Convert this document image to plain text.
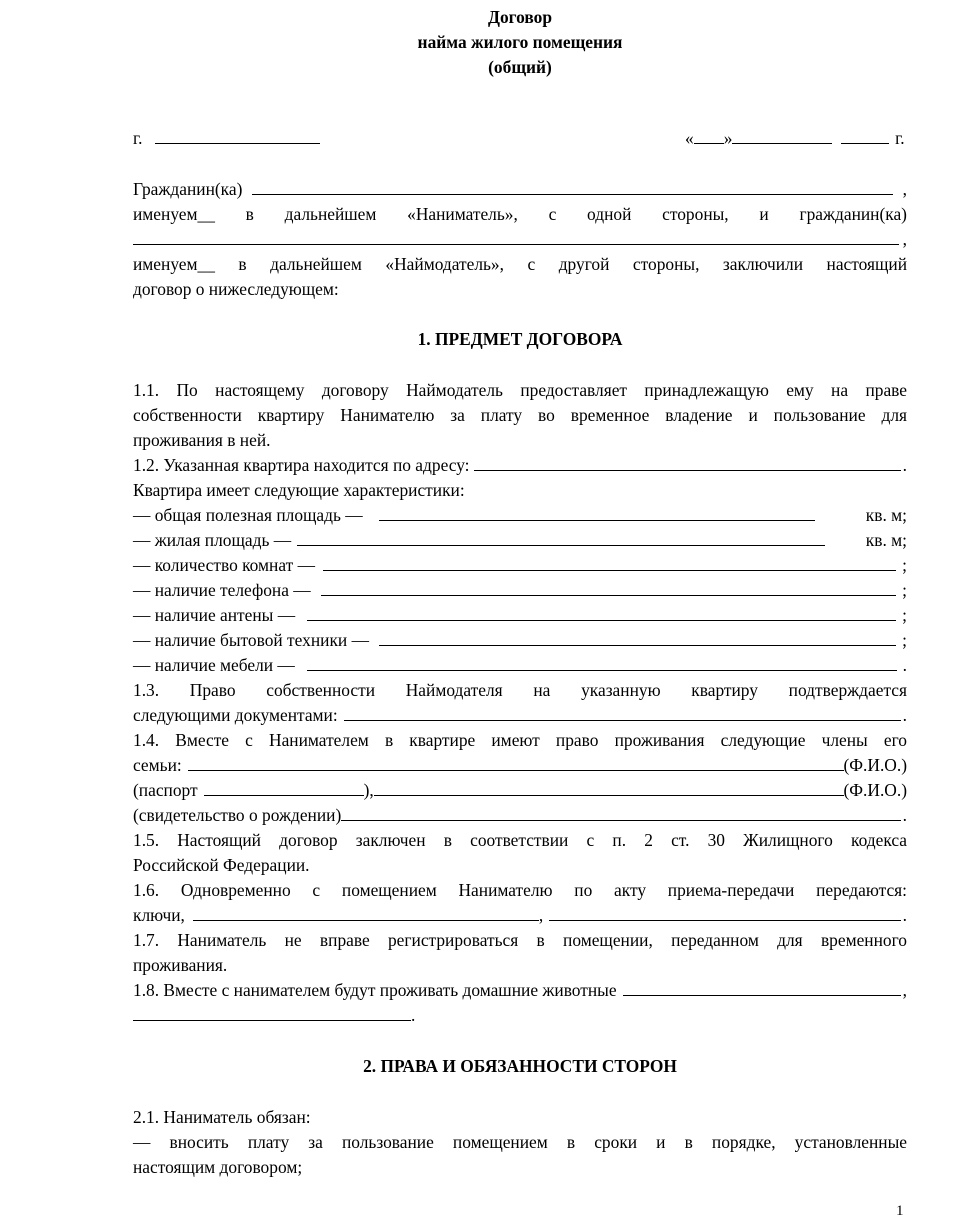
Договор
найма жилого помещения
(общий)
г.	« »	г.
Гражданин(ка)	,
именуем__ в дальнейшем «Наниматель», с одной стороны, и гражданин(ка)
,
именуем__ в дальнейшем «Наймодатель», с другой стороны, заключили настоящий
договор о нижеследующем:
1. ПРЕДМЕТ ДОГОВОРА
1.1. По настоящему договору Наймодатель предоставляет принадлежащую ему на праве
собственности квартиру Нанимателю за плату во временное владение и пользование для
проживания в ней.
1.2. Указанная квартира находится по адресу:	.
Квартира имеет следующие характеристики:
— общая полезная площадь —	кв. м;
— жилая площадь —	кв. м;
— количество комнат —	;
— наличие телефона —	;
— наличие антены —	;
— наличие бытовой техники —	;
— наличие мебели —	.
1.3. Право собственности Наймодателя на указанную квартиру подтверждается
следующими документами:	.
1.4. Вместе с Нанимателем в квартире имеют право проживания следующие члены его
семьи:	(Ф.И.О.)
(паспорт	),	(Ф.И.О.)
(свидетельство о рождении)	.
1.5. Настоящий договор заключен в соответствии с п. 2 ст. 30 Жилищного кодекса
Российской Федерации.
1.6. Одновременно с помещением Нанимателю по акту приема-передачи передаются:
ключи,	,	.
1.7. Наниматель не вправе регистрироваться в помещении, переданном для временного
проживания.
1.8. Вместе с нанимателем будут проживать домашние животные	,
.
2. ПРАВА И ОБЯЗАННОСТИ СТОРОН
2.1. Наниматель обязан:
— вносить плату за пользование помещением в сроки и в порядке, установленные
настоящим договором;
1
